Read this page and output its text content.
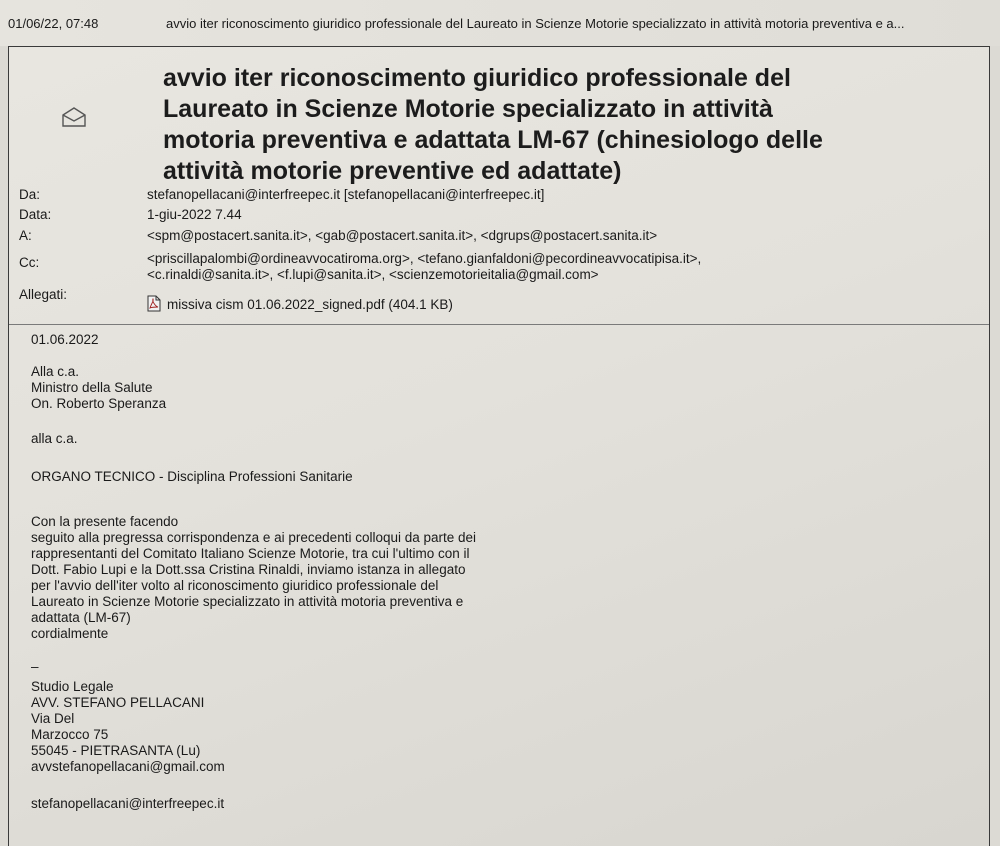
01/06/22, 07:48	avvio iter riconoscimento giuridico professionale del Laureato in Scienze Motorie specializzato in attività motoria preventiva e a...
avvio iter riconoscimento giuridico professionale del
Laureato in Scienze Motorie specializzato in attività
motoria preventiva e adattata LM-67 (chinesiologo delle
attività motorie preventive ed adattate)
Da:	stefanopellacani@interfreepec.it [stefanopellacani@interfreepec.it]
Data:	1-giu-2022 7.44
A:	<spm@postacert.sanita.it>, <gab@postacert.sanita.it>, <dgrups@postacert.sanita.it>
Cc:	<priscillapalombi@ordineavvocatiroma.org>, <tefano.gianfaldoni@pecordineavvocatipisa.it>,
<c.rinaldi@sanita.it>, <f.lupi@sanita.it>, <scienzemotorieitalia@gmail.com>
Allegati:
missiva cism 01.06.2022_signed.pdf (404.1 KB)
01.06.2022
Alla c.a.
Ministro della Salute
On. Roberto Speranza
alla c.a.
ORGANO TECNICO - Disciplina Professioni Sanitarie
Con la presente facendo
seguito alla pregressa corrispondenza e ai precedenti colloqui da parte dei
rappresentanti del Comitato Italiano Scienze Motorie, tra cui l'ultimo con il
Dott. Fabio Lupi e la Dott.ssa Cristina Rinaldi, inviamo istanza in allegato
per l'avvio dell'iter volto al riconoscimento giuridico professionale del
Laureato in Scienze Motorie specializzato in attività motoria preventiva e
adattata (LM-67)
cordialmente
–
Studio Legale
AVV. STEFANO PELLACANI
Via Del
Marzocco 75
55045 - PIETRASANTA (Lu)
avvstefanopellacani@gmail.com
stefanopellacani@interfreepec.it
